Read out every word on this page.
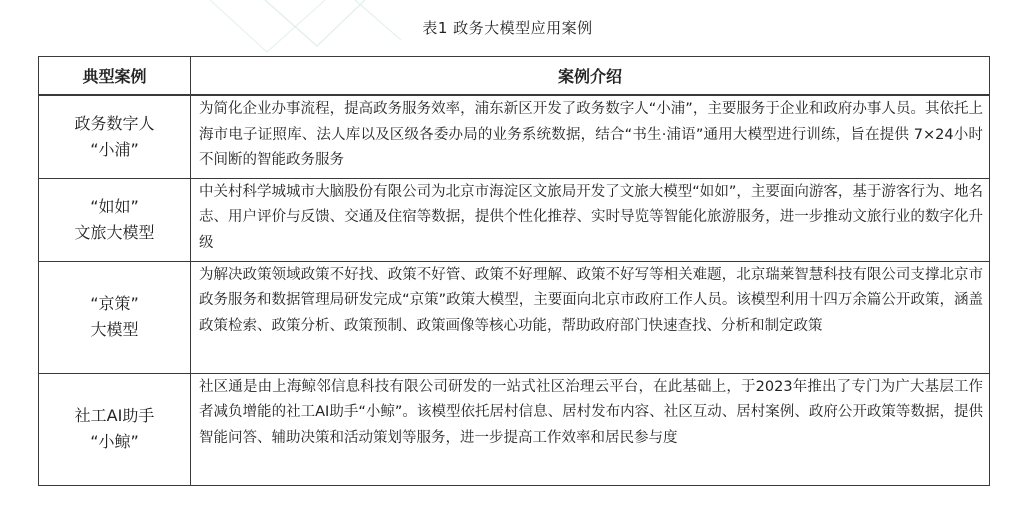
表1 政务大模型应用案例
典型案例	案例介绍

政务数字人
“小浦”	为简化企业办事流程，提高政务服务效率，浦东新区开发了政务数字人“小浦”，主要服务于企业和政府办事人员。其依托上海市电子证照库、法人库以及区级各委办局的业务系统数据，结合“书生·浦语”通用大模型进行训练，旨在提供 7×24小时不间断的智能政务服务

“如如”
文旅大模型	中关村科学城城市大脑股份有限公司为北京市海淀区文旅局开发了文旅大模型“如如”，主要面向游客，基于游客行为、地名志、用户评价与反馈、交通及住宿等数据，提供个性化推荐、实时导览等智能化旅游服务，进一步推动文旅行业的数字化升级

“京策”
大模型	为解决政策领域政策不好找、政策不好管、政策不好理解、政策不好写等相关难题，北京瑞莱智慧科技有限公司支撑北京市政务服务和数据管理局研发完成“京策”政策大模型，主要面向北京市政府工作人员。该模型利用十四万余篇公开政策，涵盖政策检索、政策分析、政策预制、政策画像等核心功能，帮助政府部门快速查找、分析和制定政策

社工AI助手
“小鲸”	社区通是由上海鲸邻信息科技有限公司研发的一站式社区治理云平台，在此基础上，于2023年推出了专门为广大基层工作者减负增能的社工AI助手“小鲸”。该模型依托居村信息、居村发布内容、社区互动、居村案例、政府公开政策等数据，提供智能问答、辅助决策和活动策划等服务，进一步提高工作效率和居民参与度
